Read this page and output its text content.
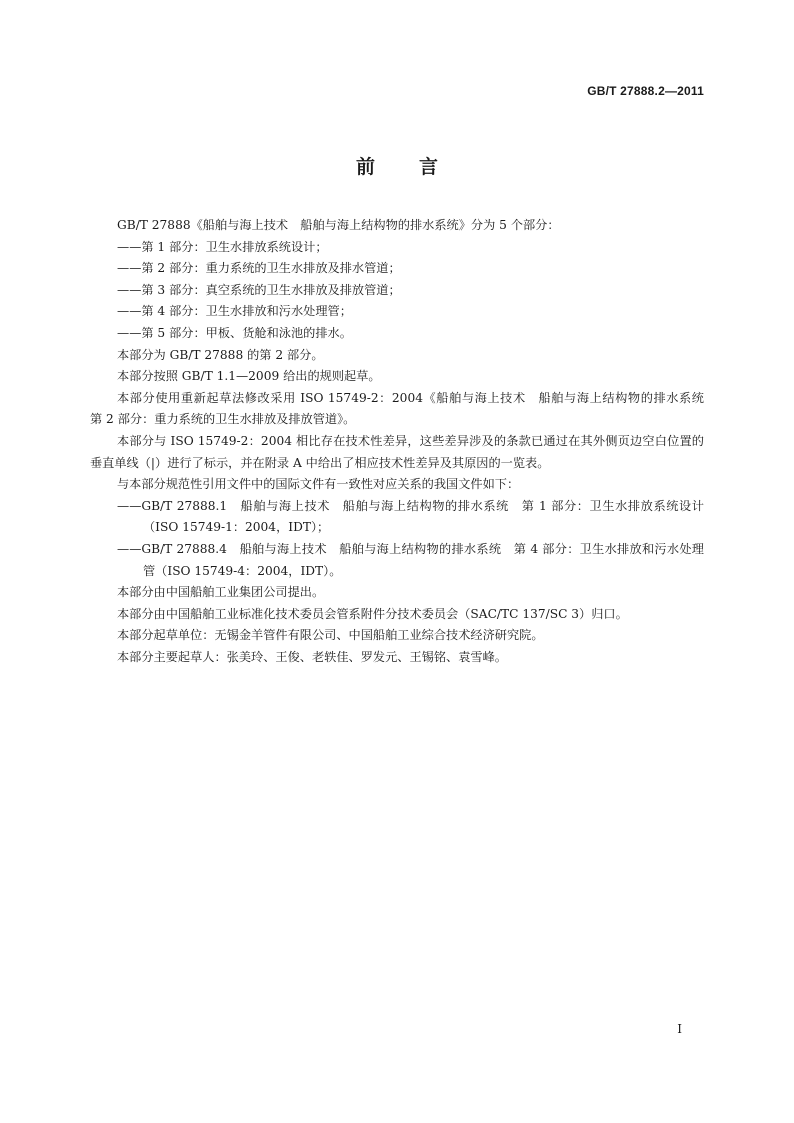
GB/T 27888.2—2011
前言

GB/T 27888《船舶与海上技术　船舶与海上结构物的排水系统》分为 5 个部分：

——第 1 部分：卫生水排放系统设计；

——第 2 部分：重力系统的卫生水排放及排水管道；

——第 3 部分：真空系统的卫生水排放及排放管道；

——第 4 部分：卫生水排放和污水处理管；

——第 5 部分：甲板、货舱和泳池的排水。

本部分为 GB/T 27888 的第 2 部分。

本部分按照 GB/T 1.1—2009 给出的规则起草。

本部分使用重新起草法修改采用 ISO 15749-2：2004《船舶与海上技术　船舶与海上结构物的排水系统　第 2 部分：重力系统的卫生水排放及排放管道》。

本部分与 ISO 15749-2：2004 相比存在技术性差异，这些差异涉及的条款已通过在其外侧页边空白位置的垂直单线（|）进行了标示，并在附录 A 中给出了相应技术性差异及其原因的一览表。

与本部分规范性引用文件中的国际文件有一致性对应关系的我国文件如下：

——GB/T 27888.1　船舶与海上技术　船舶与海上结构物的排水系统　第 1 部分：卫生水排放系统设计（ISO 15749-1：2004，IDT）；

——GB/T 27888.4　船舶与海上技术　船舶与海上结构物的排水系统　第 4 部分：卫生水排放和污水处理管（ISO 15749-4：2004，IDT）。

本部分由中国船舶工业集团公司提出。

本部分由中国船舶工业标准化技术委员会管系附件分技术委员会（SAC/TC 137/SC 3）归口。

本部分起草单位：无锡金羊管件有限公司、中国船舶工业综合技术经济研究院。

本部分主要起草人：张美玲、王俊、老轶佳、罗发元、王锡铭、袁雪峰。

I
